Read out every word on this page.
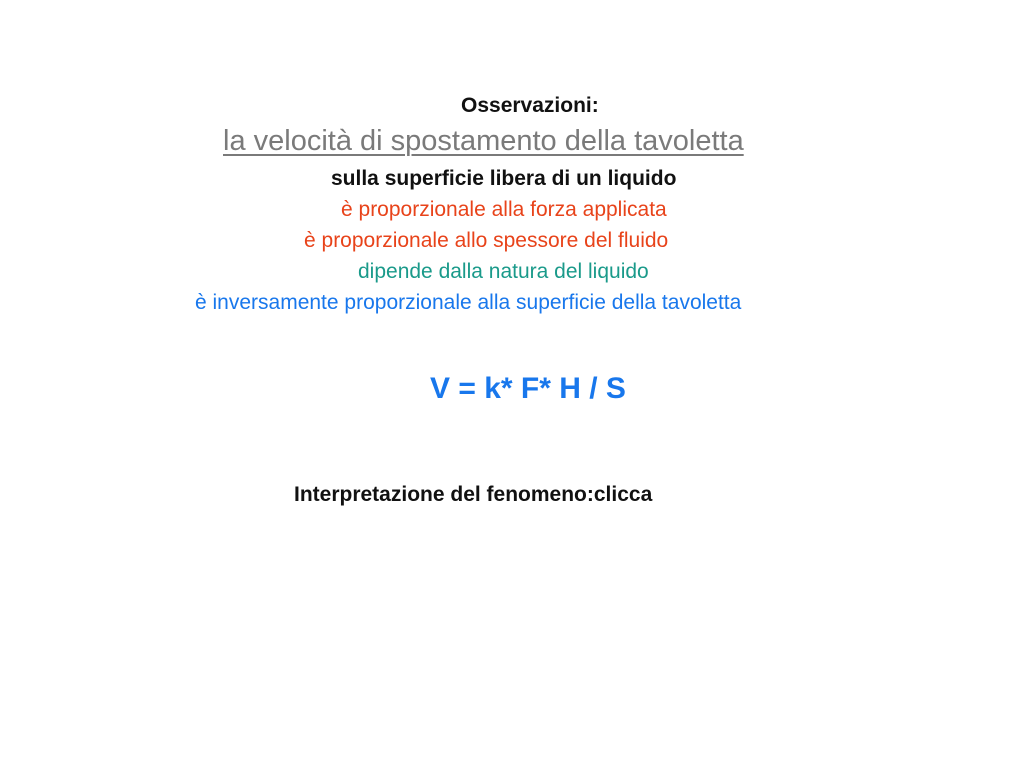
Osservazioni:

la velocità di spostamento della tavoletta

sulla superficie libera di un liquido

è proporzionale alla forza applicata

è proporzionale allo spessore del fluido

dipende dalla natura del liquido

è inversamente proporzionale alla superficie della tavoletta

V = k* F* H / S

Interpretazione del fenomeno:clicca
